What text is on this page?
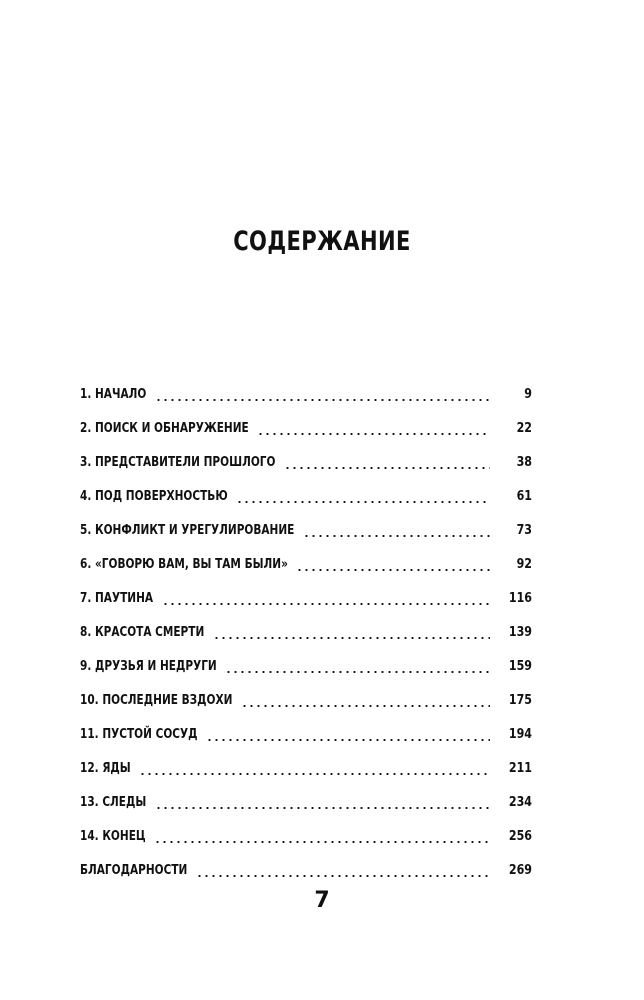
СОДЕРЖАНИЕ
1. НАЧАЛО	9
2. ПОИСК И ОБНАРУЖЕНИЕ	22
3. ПРЕДСТАВИТЕЛИ ПРОШЛОГО	38
4. ПОД ПОВЕРХНОСТЬЮ	61
5. КОНФЛИКТ И УРЕГУЛИРОВАНИЕ	73
6. «ГОВОРЮ ВАМ, ВЫ ТАМ БЫЛИ»	92
7. ПАУТИНА	116
8. КРАСОТА СМЕРТИ	139
9. ДРУЗЬЯ И НЕДРУГИ	159
10. ПОСЛЕДНИЕ ВЗДОХИ	175
11. ПУСТОЙ СОСУД	194
12. ЯДЫ	211
13. СЛЕДЫ	234
14. КОНЕЦ	256
БЛАГОДАРНОСТИ	269
7
